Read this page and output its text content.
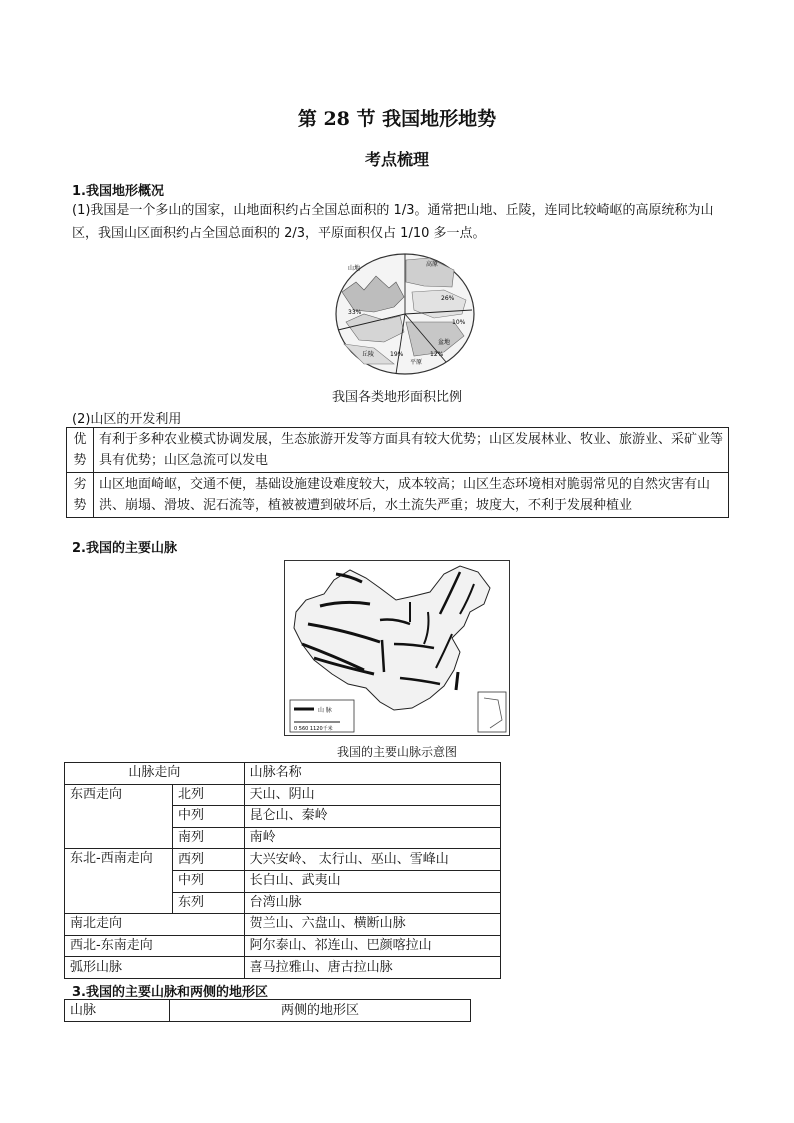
第 28 节 我国地形地势
考点梳理
1.我国地形概况
(1)我国是一个多山的国家，山地面积约占全国总面积的 1/3。通常把山地、丘陵，连同比较崎岖的高原统称为山区，我国山区面积约占全国总面积的 2/3，平原面积仅占 1/10 多一点。
山地
高原
26%
10%
33%
丘陵	19%
平原
12%
盆地
我国各类地形面积比例
(2)山区的开发利用
优势	有利于多种农业模式协调发展，生态旅游开发等方面具有较大优势；山区发展林业、牧业、旅游业、采矿业等具有优势；山区急流可以发电
劣势	山区地面崎岖，交通不便，基础设施建设难度较大，成本较高；山区生态环境相对脆弱常见的自然灾害有山洪、崩塌、滑坡、泥石流等，植被被遭到破坏后，水土流失严重；坡度大，不利于发展种植业
2.我国的主要山脉
山 脉
0 560 1120千米
我国的主要山脉示意图
山脉走向		山脉名称
东西走向	北列	天山、阴山
	中列	昆仑山、秦岭
	南列	南岭
东北-西南走向	西列	大兴安岭、 太行山、巫山、雪峰山
	中列	长白山、武夷山
	东列	台湾山脉
南北走向		贺兰山、六盘山、横断山脉
西北-东南走向		阿尔泰山、祁连山、巴颜喀拉山
弧形山脉		喜马拉雅山、唐古拉山脉
3.我国的主要山脉和两侧的地形区
山脉	两侧的地形区
